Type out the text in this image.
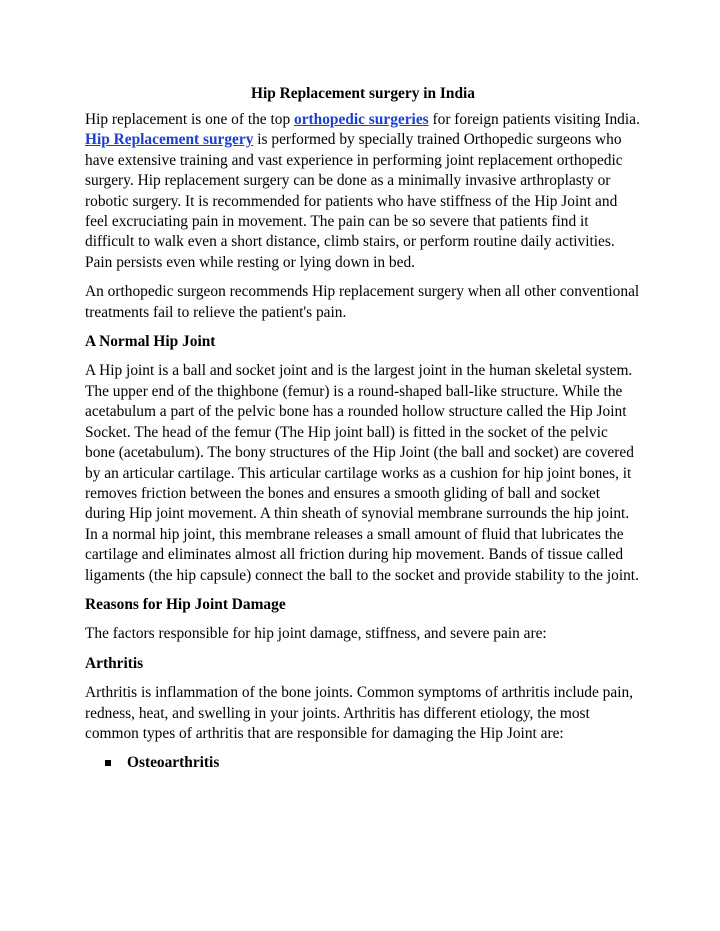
Hip Replacement surgery in India

Hip replacement is one of the top orthopedic surgeries for foreign patients visiting India. Hip Replacement surgery is performed by specially trained Orthopedic surgeons who have extensive training and vast experience in performing joint replacement orthopedic surgery. Hip replacement surgery can be done as a minimally invasive arthroplasty or robotic surgery. It is recommended for patients who have stiffness of the Hip Joint and feel excruciating pain in movement. The pain can be so severe that patients find it difficult to walk even a short distance, climb stairs, or perform routine daily activities. Pain persists even while resting or lying down in bed.

An orthopedic surgeon recommends Hip replacement surgery when all other conventional treatments fail to relieve the patient's pain.

A Normal Hip Joint

A Hip joint is a ball and socket joint and is the largest joint in the human skeletal system. The upper end of the thighbone (femur) is a round-shaped ball-like structure. While the acetabulum a part of the pelvic bone has a rounded hollow structure called the Hip Joint Socket. The head of the femur (The Hip joint ball) is fitted in the socket of the pelvic bone (acetabulum). The bony structures of the Hip Joint (the ball and socket) are covered by an articular cartilage. This articular cartilage works as a cushion for hip joint bones, it removes friction between the bones and ensures a smooth gliding of ball and socket during Hip joint movement. A thin sheath of synovial membrane surrounds the hip joint. In a normal hip joint, this membrane releases a small amount of fluid that lubricates the cartilage and eliminates almost all friction during hip movement. Bands of tissue called ligaments (the hip capsule) connect the ball to the socket and provide stability to the joint.

Reasons for Hip Joint Damage

The factors responsible for hip joint damage, stiffness, and severe pain are:

Arthritis

Arthritis is inflammation of the bone joints. Common symptoms of arthritis include pain, redness, heat, and swelling in your joints. Arthritis has different etiology, the most common types of arthritis that are responsible for damaging the Hip Joint are:

Osteoarthritis
